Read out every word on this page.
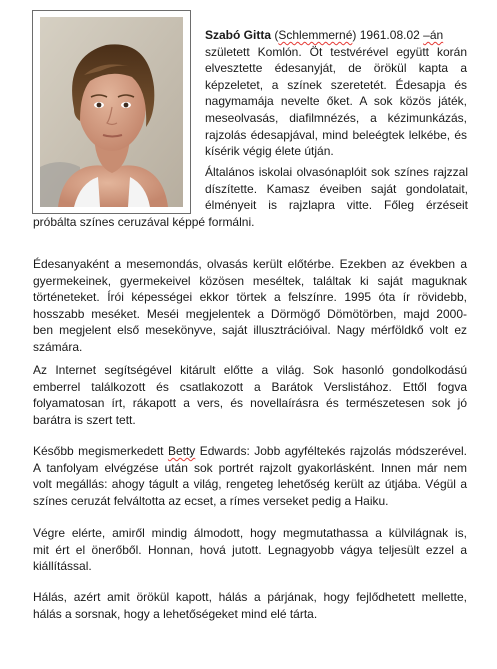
Szabó Gitta (Schlemmerné) 1961.08.02 –án
született Komlón. Öt testvérével együtt korán
elvesztette édesanyját, de örökül kapta a
képzeletet, a színek szeretetét. Édesapja és
nagymamája nevelte őket. A sok közös játék,
meseolvasás, diafilmnézés, a kézimunkázás,
rajzolás édesapjával, mind beleégtek lelkébe, és
kísérik végig élete útján.
Általános iskolai olvasónaplóit sok színes rajzzal
díszítette. Kamasz éveiben saját gondolatait,
élményeit is rajzlapra vitte. Főleg érzéseit
próbálta színes ceruzával képpé formálni.
Édesanyaként a mesemondás, olvasás került előtérbe. Ezekben az években a
gyermekeinek, gyermekeivel közösen meséltek, találtak ki saját maguknak
történeteket. Írói képességei ekkor törtek a felszínre. 1995 óta ír rövidebb,
hosszabb meséket. Meséi megjelentek a Dörmögő Dömötörben, majd 2000-
ben megjelent első mesekönyve, saját illusztrációival. Nagy mérföldkő volt ez
számára.
Az Internet segítségével kitárult előtte a világ. Sok hasonló gondolkodású
emberrel találkozott és csatlakozott a Barátok Verslistához. Ettől fogva
folyamatosan írt, rákapott a vers, és novellaírásra és természetesen sok jó
barátra is szert tett.
Később megismerkedett Betty Edwards: Jobb agyféltekés rajzolás módszerével.
A tanfolyam elvégzése után sok portrét rajzolt gyakorlásként. Innen már nem
volt megállás: ahogy tágult a világ, rengeteg lehetőség került az útjába. Végül a
színes ceruzát felváltotta az ecset, a rímes verseket pedig a Haiku.
Végre elérte, amiről mindig álmodott, hogy megmutathassa a külvilágnak is,
mit ért el önerőből. Honnan, hová jutott. Legnagyobb vágya teljesült ezzel a
kiállítással.
Hálás, azért amit örökül kapott, hálás a párjának, hogy fejlődhetett mellette,
hálás a sorsnak, hogy a lehetőségeket mind elé tárta.
